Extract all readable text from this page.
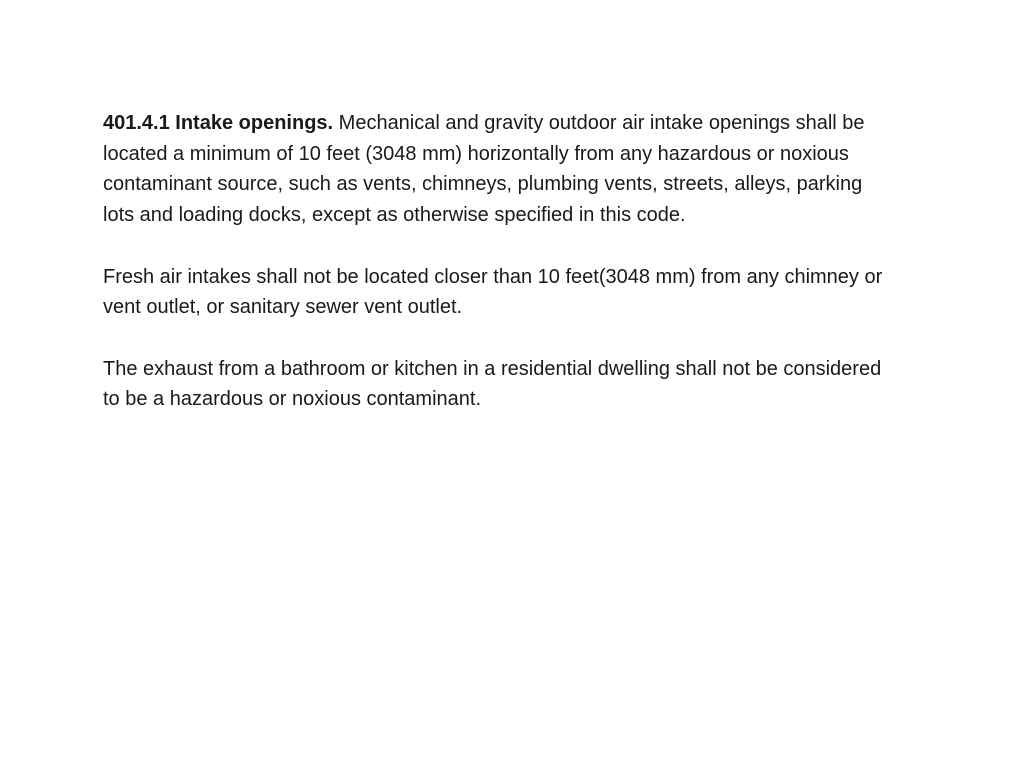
401.4.1 Intake openings. Mechanical and gravity outdoor air intake openings shall be located a minimum of 10 feet (3048 mm) horizontally from any hazardous or noxious contaminant source, such as vents, chimneys, plumbing vents, streets, alleys, parking lots and loading docks, except as otherwise specified in this code.

Fresh air intakes shall not be located closer than 10 feet(3048 mm) from any chimney or vent outlet, or sanitary sewer vent outlet.

The exhaust from a bathroom or kitchen in a residential dwelling shall not be considered to be a hazardous or noxious contaminant.
